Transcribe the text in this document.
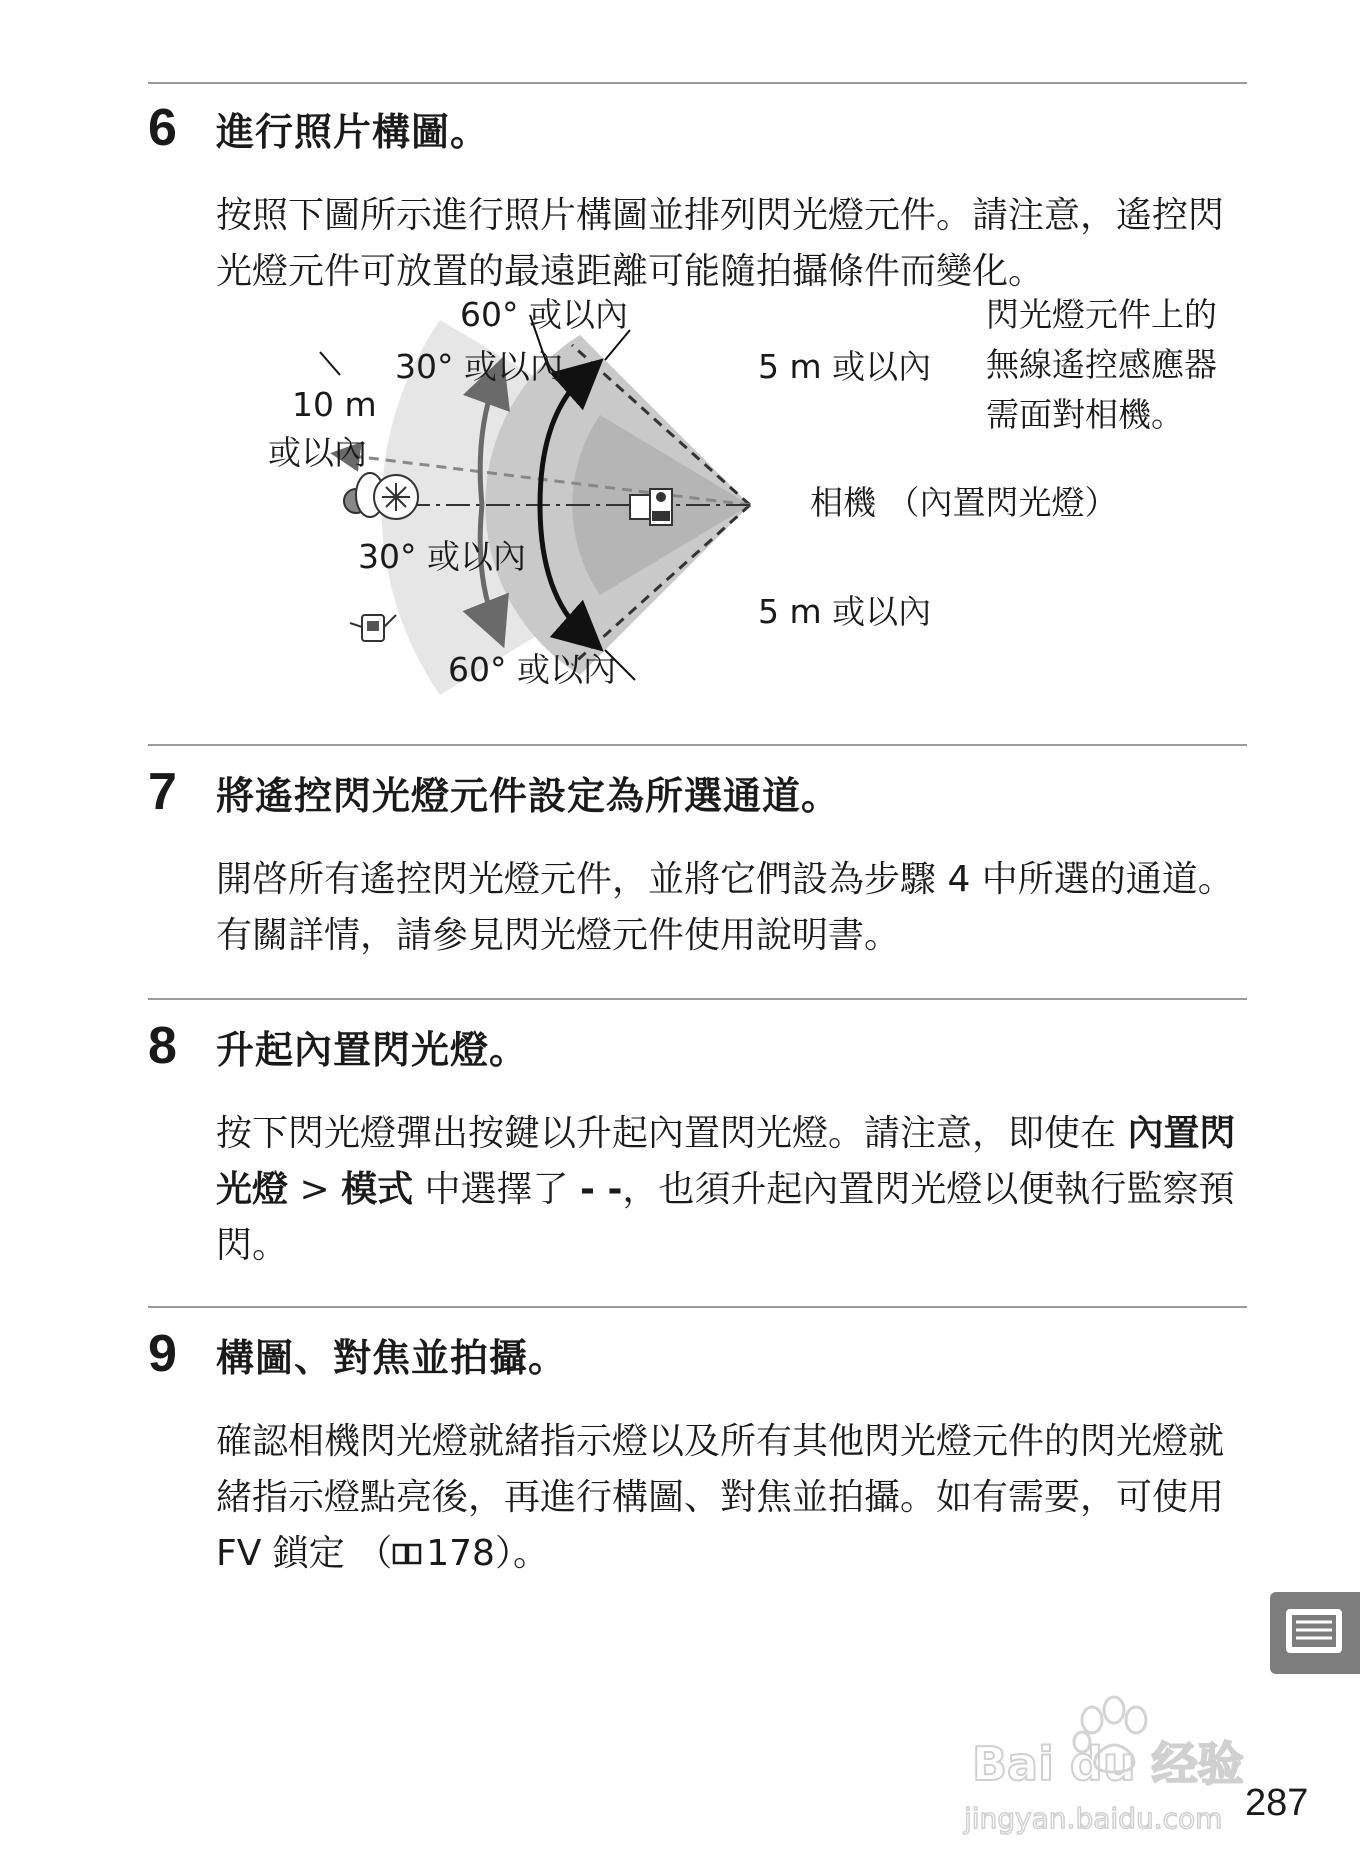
6	進行照片構圖。
按照下圖所示進行照片構圖並排列閃光燈元件。請注意，遙控閃光燈元件可放置的最遠距離可能隨拍攝條件而變化。
60° 或以內
30° 或以內
10 m
或以內
5 m 或以內
閃光燈元件上的
無線遙控感應器
需面對相機。
相機 （內置閃光燈）
30° 或以內
5 m 或以內
60° 或以內
7	將遙控閃光燈元件設定為所選通道。
開啓所有遙控閃光燈元件，並將它們設為步驟 4 中所選的通道。有關詳情，請參見閃光燈元件使用說明書。
8	升起內置閃光燈。
按下閃光燈彈出按鍵以升起內置閃光燈。請注意，即使在 內置閃光燈 > 模式 中選擇了 - -，也須升起內置閃光燈以便執行監察預閃。
9	構圖、對焦並拍攝。
確認相機閃光燈就緒指示燈以及所有其他閃光燈元件的閃光燈就緒指示燈點亮後，再進行構圖、對焦並拍攝。如有需要，可使用 FV 鎖定 （ 178）。
Bai du 经验
jingyan.baidu.com 287
